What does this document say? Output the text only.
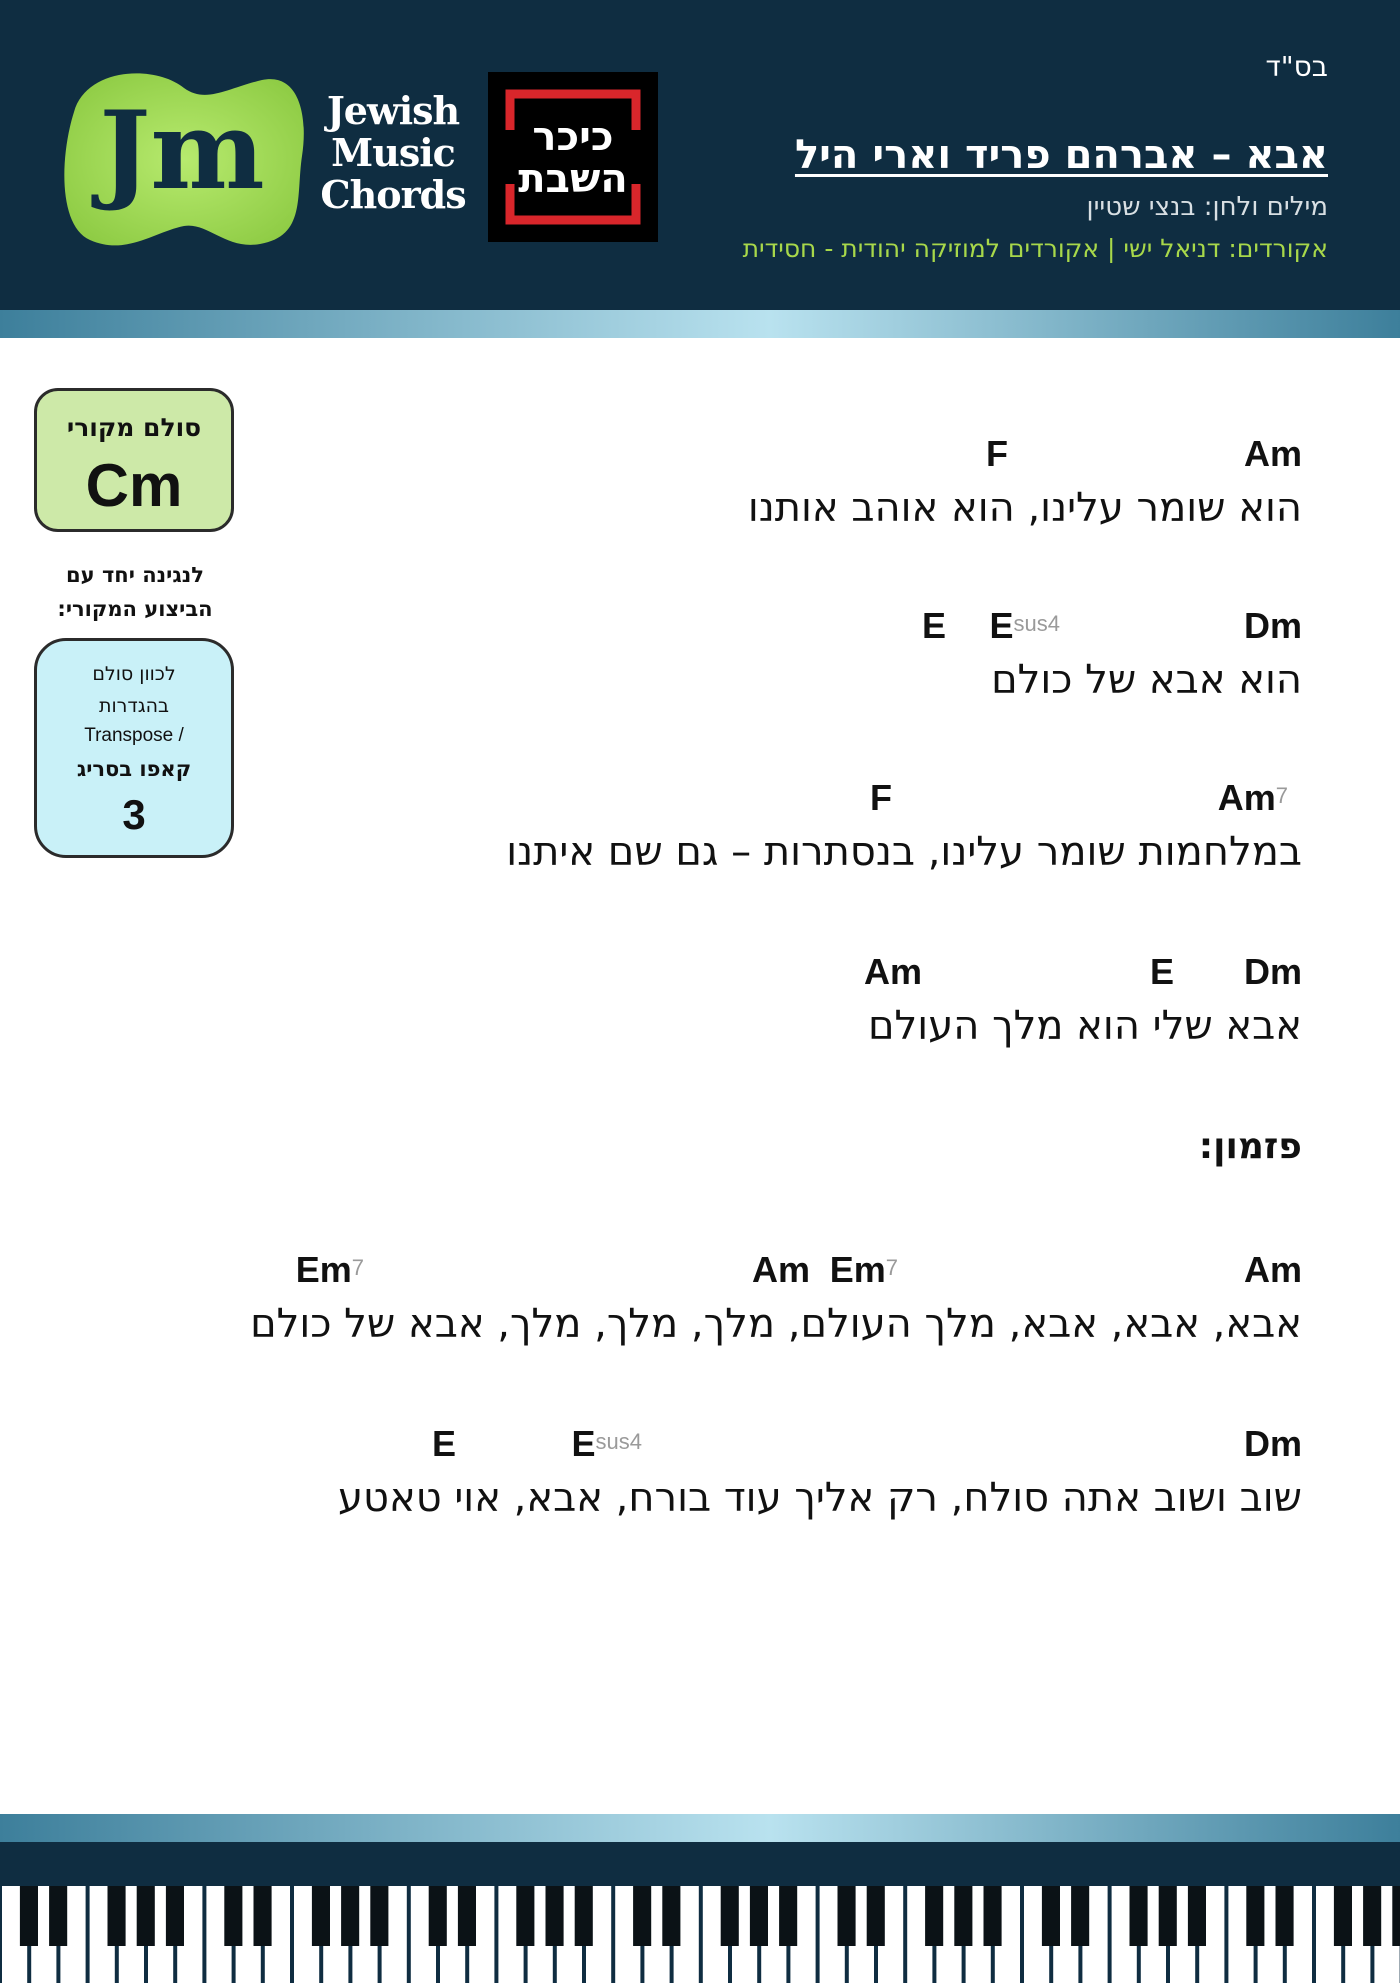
Jm Jewish
Music
Chords
כיכר
השבת
בס"ד
אבא – אברהם פריד וארי היל
מילים ולחן: בנצי שטיין
אקורדים: דניאל ישי | אקורדים למוזיקה יהודית - חסידית
סולם מקורי
Cm
לנגינה יחד עם
הביצוע המקורי:
לכוון סולם
בהגדרות
/ Transpose
קאפו בסריג
3
Am
F
הוא שומר עלינו, הוא אוהב אותנו
Dm
$E^{sus4}$
E
הוא אבא של כולם
Am$^7$
F
במלחמות שומר עלינו, בנסתרות – גם שם איתנו
Dm
E
Am
אבא שלי הוא מלך העולם
פזמון:
Am
Em$^7$
Am
Em$^7$
אבא, אבא, אבא, מלך העולם, מלך, מלך, מלך, אבא של כולם
Dm
$E^{sus4}$
E
שוב ושוב אתה סולח, רק אליך עוד בורח, אבא, אוי טאטע
